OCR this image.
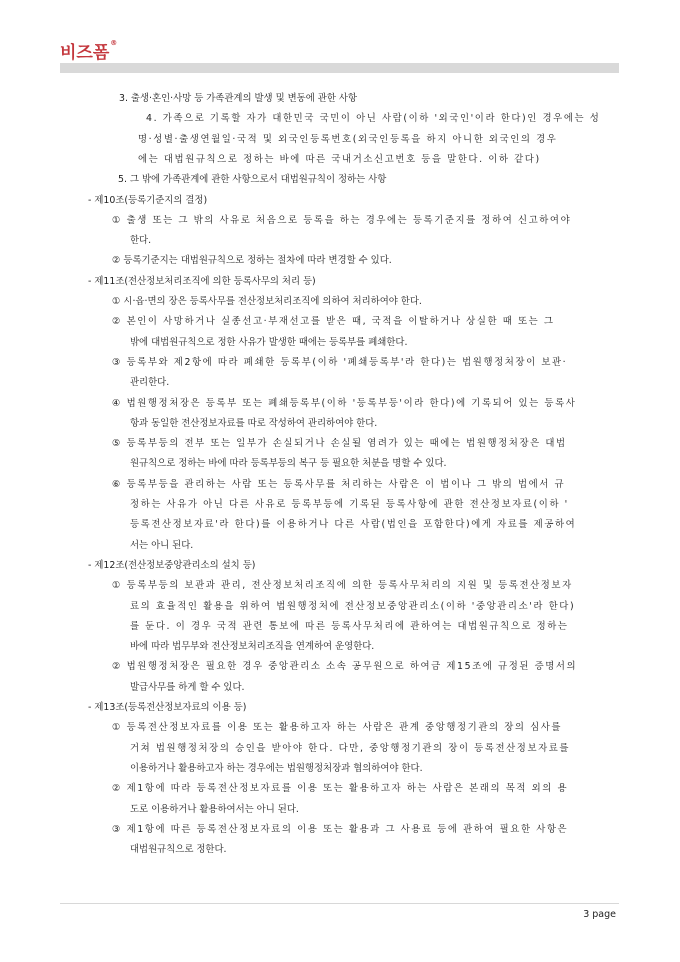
비즈폼 ®
3. 출생·혼인·사망 등 가족관계의 발생 및 변동에 관한 사항
4. 가족으로 기록할 자가 대한민국 국민이 아닌 사람(이하 '외국인'이라 한다)인 경우에는 성
명·성별·출생연월일·국적 및 외국인등록번호(외국인등록을 하지 아니한 외국인의 경우
에는 대법원규칙으로 정하는 바에 따른 국내거소신고번호 등을 말한다. 이하 같다)
5. 그 밖에 가족관계에 관한 사항으로서 대법원규칙이 정하는 사항
- 제10조(등록기준지의 결정)
① 출생 또는 그 밖의 사유로 처음으로 등록을 하는 경우에는 등록기준지를 정하여 신고하여야
한다.
② 등록기준지는 대법원규칙으로 정하는 절차에 따라 변경할 수 있다.
- 제11조(전산정보처리조직에 의한 등록사무의 처리 등)
① 시·읍·면의 장은 등록사무를 전산정보처리조직에 의하여 처리하여야 한다.
② 본인이 사망하거나 실종선고·부재선고를 받은 때, 국적을 이탈하거나 상실한 때 또는 그
밖에 대법원규칙으로 정한 사유가 발생한 때에는 등록부를 폐쇄한다.
③ 등록부와 제2항에 따라 폐쇄한 등록부(이하 '폐쇄등록부'라 한다)는 법원행정처장이 보관·
관리한다.
④ 법원행정처장은 등록부 또는 폐쇄등록부(이하 '등록부등'이라 한다)에 기록되어 있는 등록사
항과 동일한 전산정보자료를 따로 작성하여 관리하여야 한다.
⑤ 등록부등의 전부 또는 일부가 손실되거나 손실될 염려가 있는 때에는 법원행정처장은 대법
원규칙으로 정하는 바에 따라 등록부등의 복구 등 필요한 처분을 명할 수 있다.
⑥ 등록부등을 관리하는 사람 또는 등록사무를 처리하는 사람은 이 법이나 그 밖의 법에서 규
정하는 사유가 아닌 다른 사유로 등록부등에 기록된 등록사항에 관한 전산정보자료(이하 '
등록전산정보자료'라 한다)를 이용하거나 다른 사람(법인을 포함한다)에게 자료를 제공하여
서는 아니 된다.
- 제12조(전산정보중앙관리소의 설치 등)
① 등록부등의 보관과 관리, 전산정보처리조직에 의한 등록사무처리의 지원 및 등록전산정보자
료의 효율적인 활용을 위하여 법원행정처에 전산정보중앙관리소(이하 '중앙관리소'라 한다)
를 둔다. 이 경우 국적 관련 통보에 따른 등록사무처리에 관하여는 대법원규칙으로 정하는
바에 따라 법무부와 전산정보처리조직을 연계하여 운영한다.
② 법원행정처장은 필요한 경우 중앙관리소 소속 공무원으로 하여금 제15조에 규정된 증명서의
발급사무를 하게 할 수 있다.
- 제13조(등록전산정보자료의 이용 등)
① 등록전산정보자료를 이용 또는 활용하고자 하는 사람은 관계 중앙행정기관의 장의 심사를
거쳐 법원행정처장의 승인을 받아야 한다. 다만, 중앙행정기관의 장이 등록전산정보자료를
이용하거나 활용하고자 하는 경우에는 법원행정처장과 협의하여야 한다.
② 제1항에 따라 등록전산정보자료를 이용 또는 활용하고자 하는 사람은 본래의 목적 외의 용
도로 이용하거나 활용하여서는 아니 된다.
③ 제1항에 따른 등록전산정보자료의 이용 또는 활용과 그 사용료 등에 관하여 필요한 사항은
대법원규칙으로 정한다.
3 page
